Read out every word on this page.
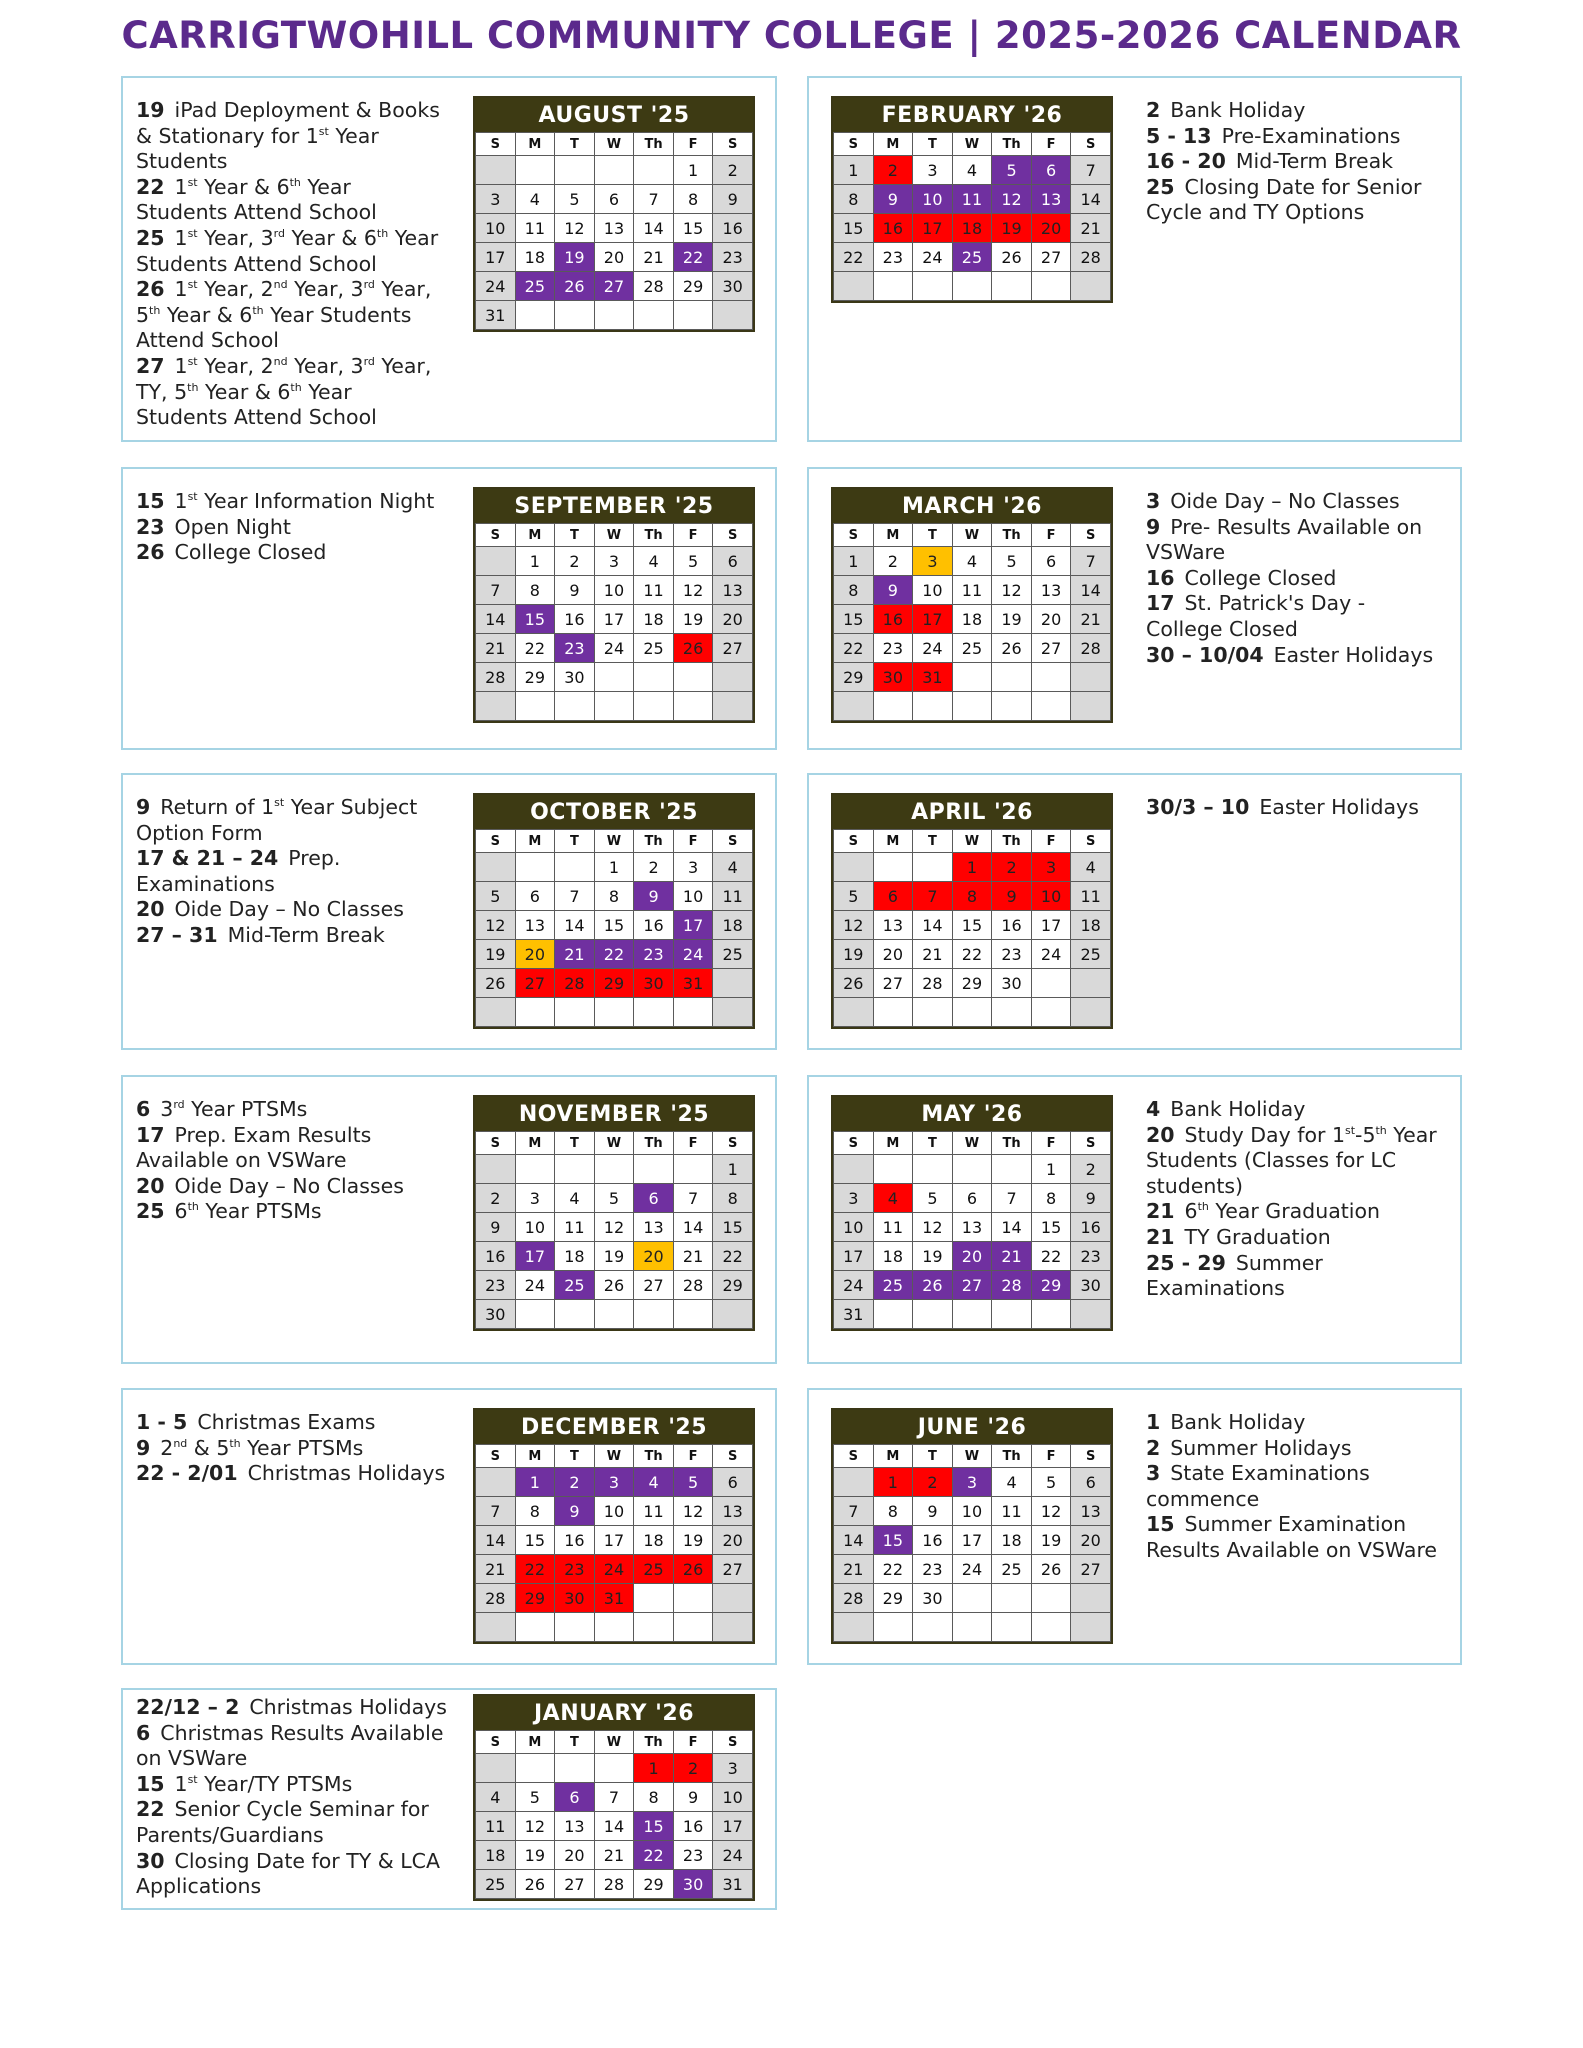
CARRIGTWOHILL COMMUNITY COLLEGE | 2025-2026 CALENDAR
19 iPad Deployment & Books & Stationary for 1st Year Students
22 1st Year & 6th Year Students Attend School
25 1st Year, 3rd Year & 6th Year Students Attend School
26 1st Year, 2nd Year, 3rd Year, 5th Year & 6th Year Students Attend School
27 1st Year, 2nd Year, 3rd Year, TY, 5th Year & 6th Year Students Attend School
AUGUST '25
S	M	T	W	Th	F	S
					1	2
3	4	5	6	7	8	9
10	11	12	13	14	15	16
17	18	19	20	21	22	23
24	25	26	27	28	29	30
31						
15 1st Year Information Night
23 Open Night
26 College Closed
SEPTEMBER '25
S	M	T	W	Th	F	S
	1	2	3	4	5	6
7	8	9	10	11	12	13
14	15	16	17	18	19	20
21	22	23	24	25	26	27
28	29	30				

9 Return of 1st Year Subject Option Form
17 & 21 – 24 Prep. Examinations
20 Oide Day – No Classes
27 – 31 Mid-Term Break
OCTOBER '25
S	M	T	W	Th	F	S
			1	2	3	4
5	6	7	8	9	10	11
12	13	14	15	16	17	18
19	20	21	22	23	24	25
26	27	28	29	30	31	

6 3rd Year PTSMs
17 Prep. Exam Results Available on VSWare
20 Oide Day – No Classes
25 6th Year PTSMs
NOVEMBER '25
S	M	T	W	Th	F	S
						1
2	3	4	5	6	7	8
9	10	11	12	13	14	15
16	17	18	19	20	21	22
23	24	25	26	27	28	29
30						
1 - 5 Christmas Exams
9 2nd & 5th Year PTSMs
22 - 2/01 Christmas Holidays
DECEMBER '25
S	M	T	W	Th	F	S
	1	2	3	4	5	6
7	8	9	10	11	12	13
14	15	16	17	18	19	20
21	22	23	24	25	26	27
28	29	30	31			

22/12 – 2 Christmas Holidays
6 Christmas Results Available on VSWare
15 1st Year/TY PTSMs
22 Senior Cycle Seminar for Parents/Guardians
30 Closing Date for TY & LCA Applications
JANUARY '26
S	M	T	W	Th	F	S
				1	2	3
4	5	6	7	8	9	10
11	12	13	14	15	16	17
18	19	20	21	22	23	24
25	26	27	28	29	30	31
FEBRUARY '26
S	M	T	W	Th	F	S
1	2	3	4	5	6	7
8	9	10	11	12	13	14
15	16	17	18	19	20	21
22	23	24	25	26	27	28

2 Bank Holiday
5 - 13 Pre-Examinations
16 - 20 Mid-Term Break
25 Closing Date for Senior Cycle and TY Options
MARCH '26
S	M	T	W	Th	F	S
1	2	3	4	5	6	7
8	9	10	11	12	13	14
15	16	17	18	19	20	21
22	23	24	25	26	27	28
29	30	31				

3 Oide Day – No Classes
9 Pre- Results Available on VSWare
16 College Closed
17 St. Patrick's Day - College Closed
30 – 10/04 Easter Holidays
APRIL '26
S	M	T	W	Th	F	S
			1	2	3	4
5	6	7	8	9	10	11
12	13	14	15	16	17	18
19	20	21	22	23	24	25
26	27	28	29	30		

30/3 – 10 Easter Holidays
MAY '26
S	M	T	W	Th	F	S
					1	2
3	4	5	6	7	8	9
10	11	12	13	14	15	16
17	18	19	20	21	22	23
24	25	26	27	28	29	30
31						
4 Bank Holiday
20 Study Day for 1st-5th Year Students (Classes for LC students)
21 6th Year Graduation
21 TY Graduation
25 - 29 Summer Examinations
JUNE '26
S	M	T	W	Th	F	S
	1	2	3	4	5	6
7	8	9	10	11	12	13
14	15	16	17	18	19	20
21	22	23	24	25	26	27
28	29	30				

1 Bank Holiday
2 Summer Holidays
3 State Examinations commence
15 Summer Examination Results Available on VSWare
